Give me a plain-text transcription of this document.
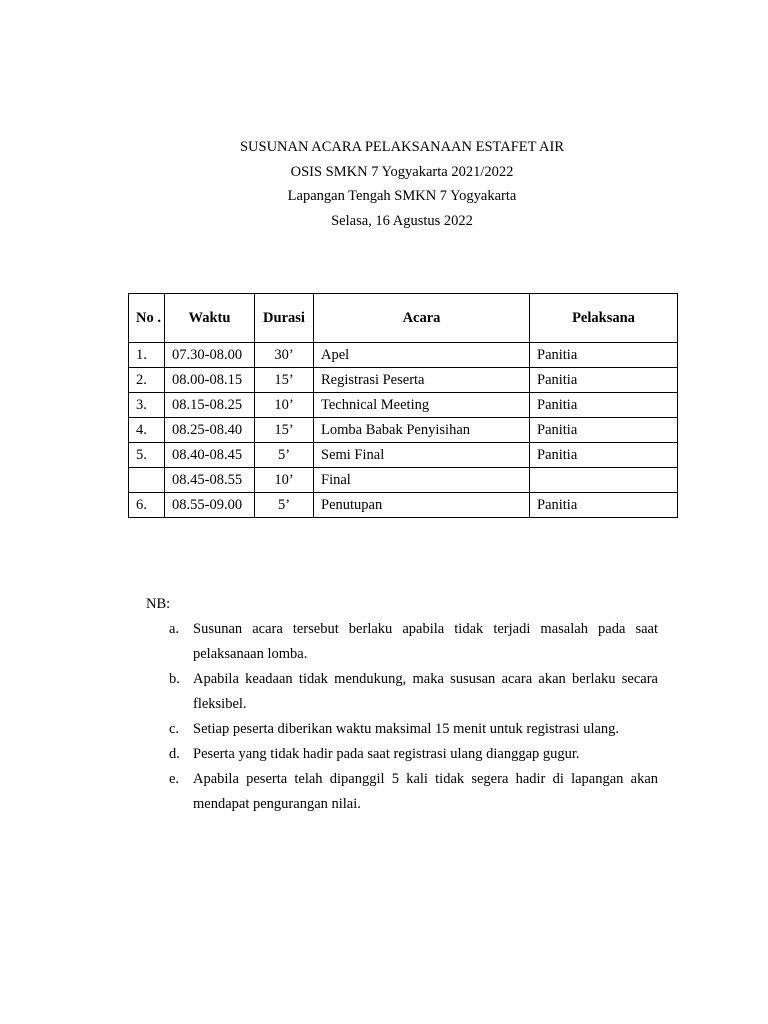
SUSUNAN ACARA PELAKSANAAN ESTAFET AIR
OSIS SMKN 7 Yogyakarta 2021/2022
Lapangan Tengah SMKN 7 Yogyakarta
Selasa, 16 Agustus 2022
No .	Waktu	Durasi	Acara	Pelaksana
1.	07.30-08.00	30’	Apel	Panitia
2.	08.00-08.15	15’	Registrasi Peserta	Panitia
3.	08.15-08.25	10’	Technical Meeting	Panitia
4.	08.25-08.40	15’	Lomba Babak Penyisihan	Panitia
5.	08.40-08.45	5’	Semi Final	Panitia
	08.45-08.55	10’	Final	
6.	08.55-09.00	5’	Penutupan	Panitia
NB:
a. Susunan acara tersebut berlaku apabila tidak terjadi masalah pada saat pelaksanaan lomba.
b. Apabila keadaan tidak mendukung, maka sususan acara akan berlaku secara fleksibel.
c. Setiap peserta diberikan waktu maksimal 15 menit untuk registrasi ulang.
d. Peserta yang tidak hadir pada saat registrasi ulang dianggap gugur.
e. Apabila peserta telah dipanggil 5 kali tidak segera hadir di lapangan akan mendapat pengurangan nilai.
